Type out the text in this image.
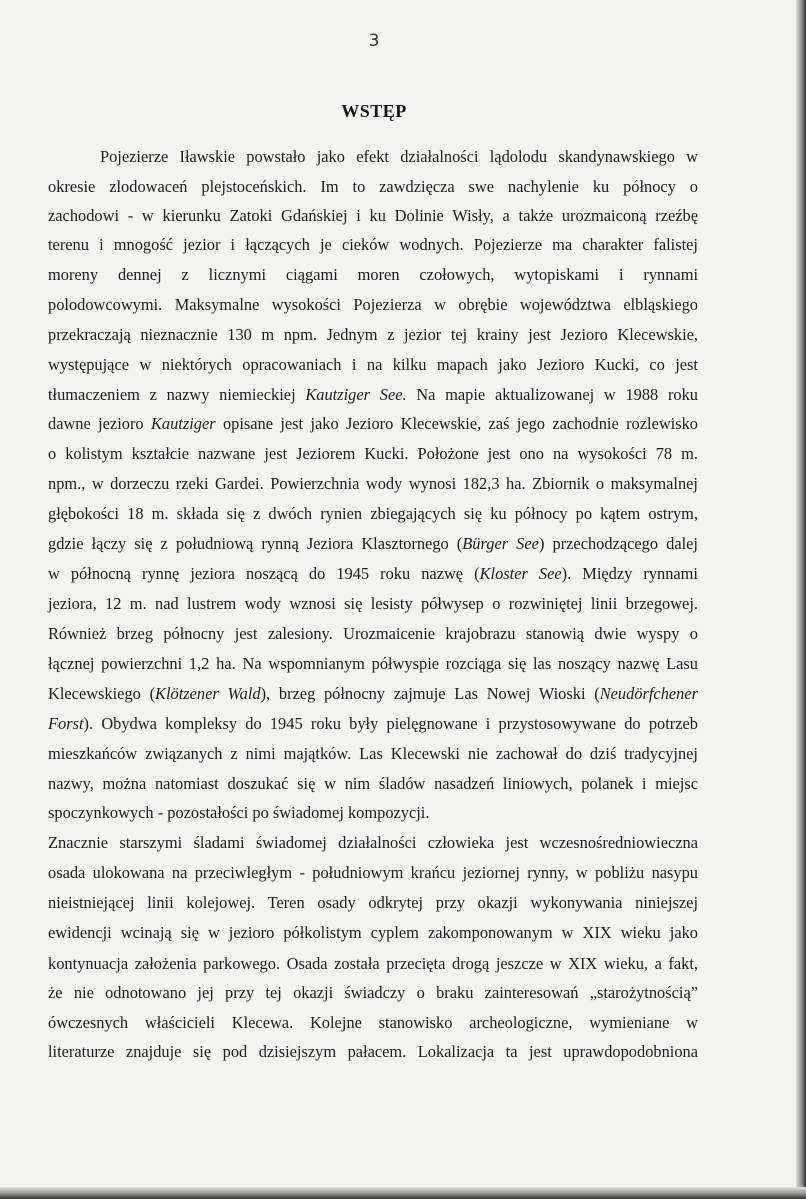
3
WSTĘP
Pojezierze Iławskie powstało jako efekt działalności lądolodu skandynawskiego w
okresie zlodowaceń plejstoceńskich. Im to zawdzięcza swe nachylenie ku północy o
zachodowi - w kierunku Zatoki Gdańskiej i ku Dolinie Wisły, a także urozmaiconą rzeźbę
terenu i mnogość jezior i łączących je cieków wodnych. Pojezierze ma charakter falistej
moreny dennej z licznymi ciągami moren czołowych, wytopiskami i rynnami
polodowcowymi. Maksymalne wysokości Pojezierza w obrębie województwa elbląskiego
przekraczają nieznacznie 130 m npm. Jednym z jezior tej krainy jest Jezioro Klecewskie,
występujące w niektórych opracowaniach i na kilku mapach jako Jezioro Kucki, co jest
tłumaczeniem z nazwy niemieckiej Kautziger See. Na mapie aktualizowanej w 1988 roku
dawne jezioro Kautziger opisane jest jako Jezioro Klecewskie, zaś jego zachodnie rozlewisko
o kolistym kształcie nazwane jest Jeziorem Kucki. Położone jest ono na wysokości 78 m.
npm., w dorzeczu rzeki Gardei. Powierzchnia wody wynosi 182,3 ha. Zbiornik o maksymalnej
głębokości 18 m. składa się z dwóch rynien zbiegających się ku północy po kątem ostrym,
gdzie łączy się z południową rynną Jeziora Klasztornego (Bürger See) przechodzącego dalej
w północną rynnę jeziora noszącą do 1945 roku nazwę (Kloster See). Między rynnami
jeziora, 12 m. nad lustrem wody wznosi się lesisty półwysep o rozwiniętej linii brzegowej.
Również brzeg północny jest zalesiony. Urozmaicenie krajobrazu stanowią dwie wyspy o
łącznej powierzchni 1,2 ha. Na wspomnianym półwyspie rozciąga się las noszący nazwę Lasu
Klecewskiego (Klötzener Wald), brzeg północny zajmuje Las Nowej Wioski (Neudörfchener
Forst). Obydwa kompleksy do 1945 roku były pielęgnowane i przystosowywane do potrzeb
mieszkańców związanych z nimi majątków. Las Klecewski nie zachował do dziś tradycyjnej
nazwy, można natomiast doszukać się w nim śladów nasadzeń liniowych, polanek i miejsc
spoczynkowych - pozostałości po świadomej kompozycji.
Znacznie starszymi śladami świadomej działalności człowieka jest wczesnośredniowieczna
osada ulokowana na przeciwległym - południowym krańcu jeziornej rynny, w pobliżu nasypu
nieistniejącej linii kolejowej. Teren osady odkrytej przy okazji wykonywania niniejszej
ewidencji wcinają się w jezioro półkolistym cyplem zakomponowanym w XIX wieku jako
kontynuacja założenia parkowego. Osada została przecięta drogą jeszcze w XIX wieku, a fakt,
że nie odnotowano jej przy tej okazji świadczy o braku zainteresowań „starożytnością”
ówczesnych właścicieli Klecewa. Kolejne stanowisko archeologiczne, wymieniane w
literaturze znajduje się pod dzisiejszym pałacem. Lokalizacja ta jest uprawdopodobniona
